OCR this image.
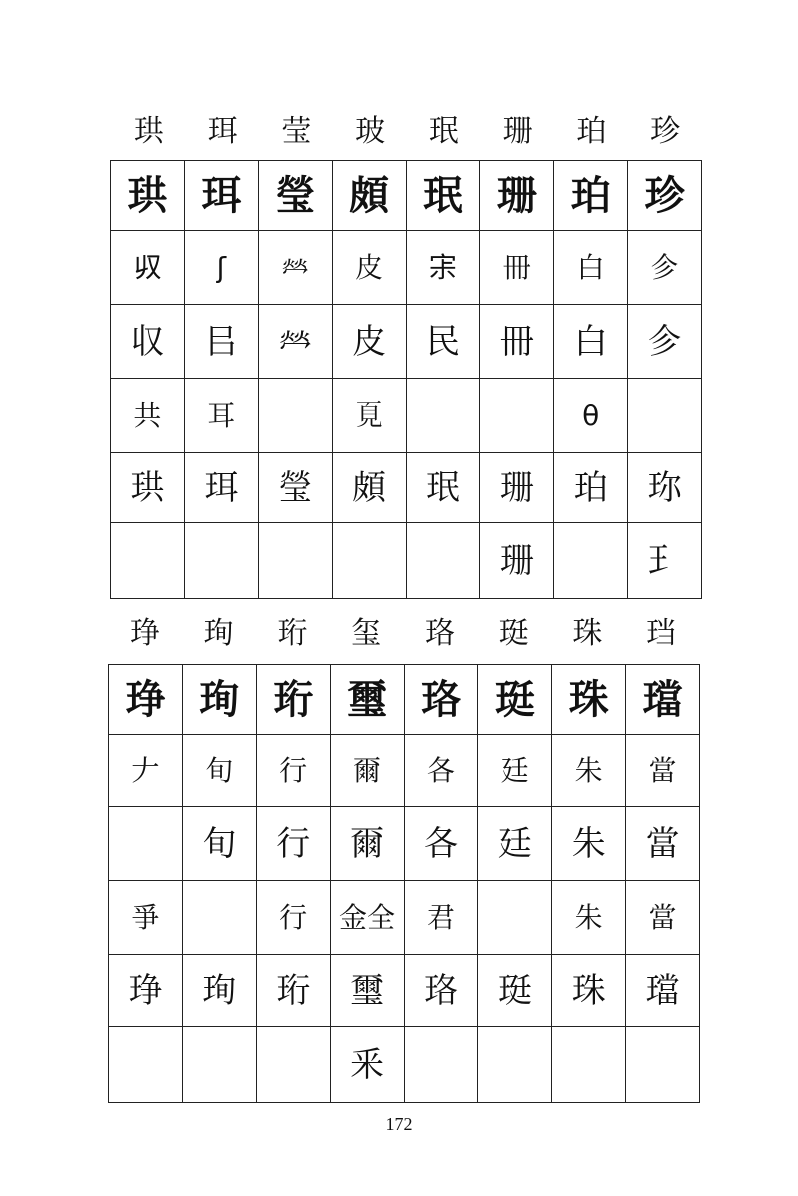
珙	珥	莹	玻	珉	珊	珀	珍
珙	珥	瑩	頗	珉	珊	珀	珍
𠬞	ʃ	𤇾	皮	𡧯	冊	白	㐱
収	㠯	𤇾	皮	民	冊	白	㐱
共	耳		𩑋			θ	
珙	珥	瑩	頗	珉	珊	珀	珎
					珊		𤣩
琤	珣	珩	玺	珞	珽	珠	珰
琤	珣	珩	璽	珞	珽	珠	璫
𠂇	旬	行	爾	各	廷	朱	當
	旬	行	爾	各	廷	朱	當
爭		行	金全	君		朱	當
琤	珣	珩	璽	珞	珽	珠	璫
			釆				
172
